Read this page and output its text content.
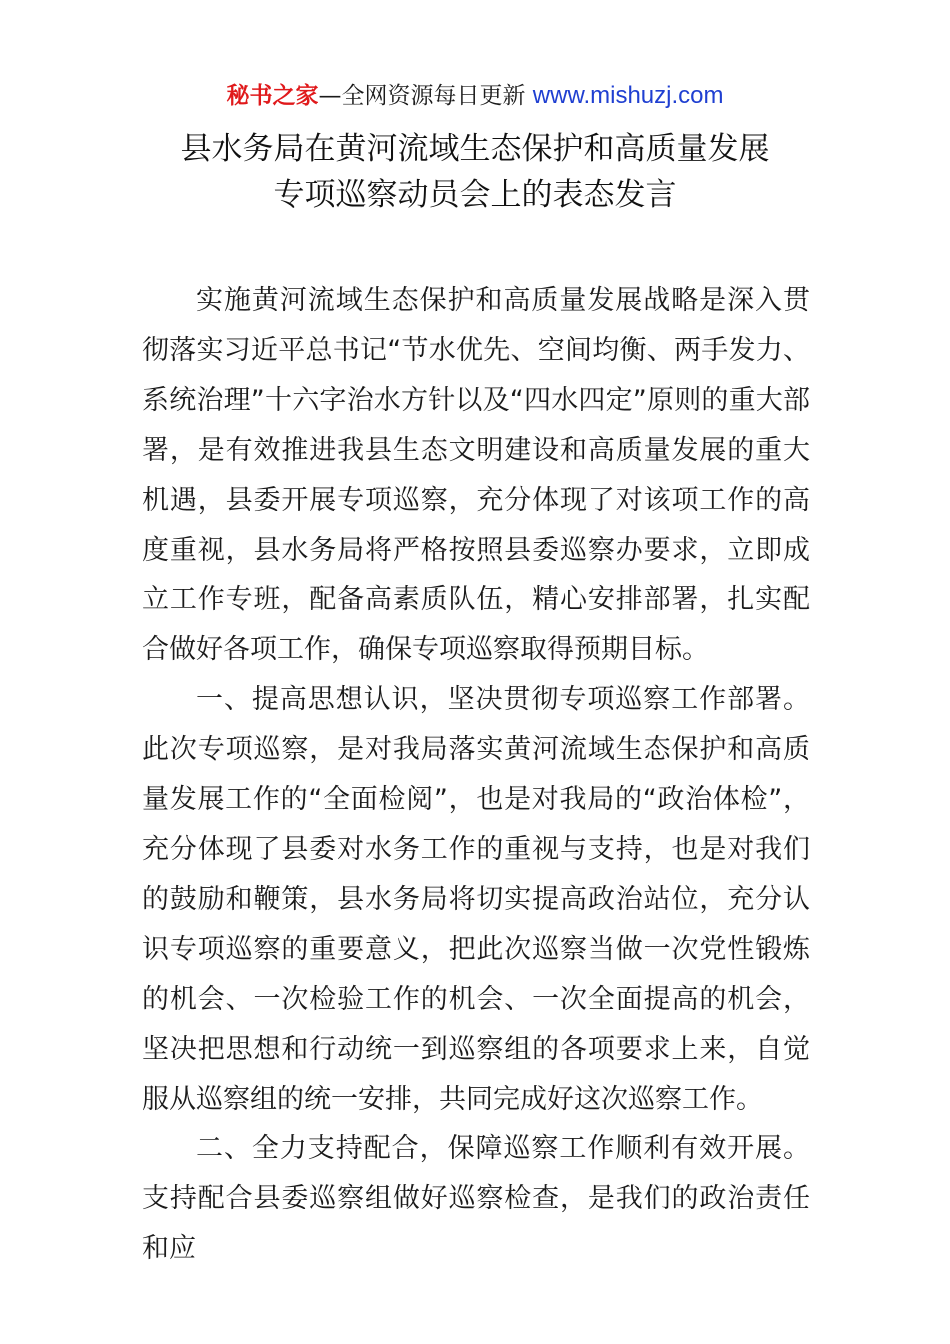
秘书之家—全网资源每日更新 www.mishuzj.com
县水务局在黄河流域生态保护和高质量发展
专项巡察动员会上的表态发言

实施黄河流域生态保护和高质量发展战略是深入贯彻落实习近平总书记“节水优先、空间均衡、两手发力、系统治理”十六字治水方针以及“四水四定”原则的重大部署，是有效推进我县生态文明建设和高质量发展的重大机遇，县委开展专项巡察，充分体现了对该项工作的高度重视，县水务局将严格按照县委巡察办要求，立即成立工作专班，配备高素质队伍，精心安排部署，扎实配合做好各项工作，确保专项巡察取得预期目标。

一、提高思想认识，坚决贯彻专项巡察工作部署。此次专项巡察，是对我局落实黄河流域生态保护和高质量发展工作的“全面检阅”，也是对我局的“政治体检”，充分体现了县委对水务工作的重视与支持，也是对我们的鼓励和鞭策，县水务局将切实提高政治站位，充分认识专项巡察的重要意义，把此次巡察当做一次党性锻炼的机会、一次检验工作的机会、一次全面提高的机会，坚决把思想和行动统一到巡察组的各项要求上来，自觉服从巡察组的统一安排，共同完成好这次巡察工作。

二、全力支持配合，保障巡察工作顺利有效开展。支持配合县委巡察组做好巡察检查，是我们的政治责任和应
